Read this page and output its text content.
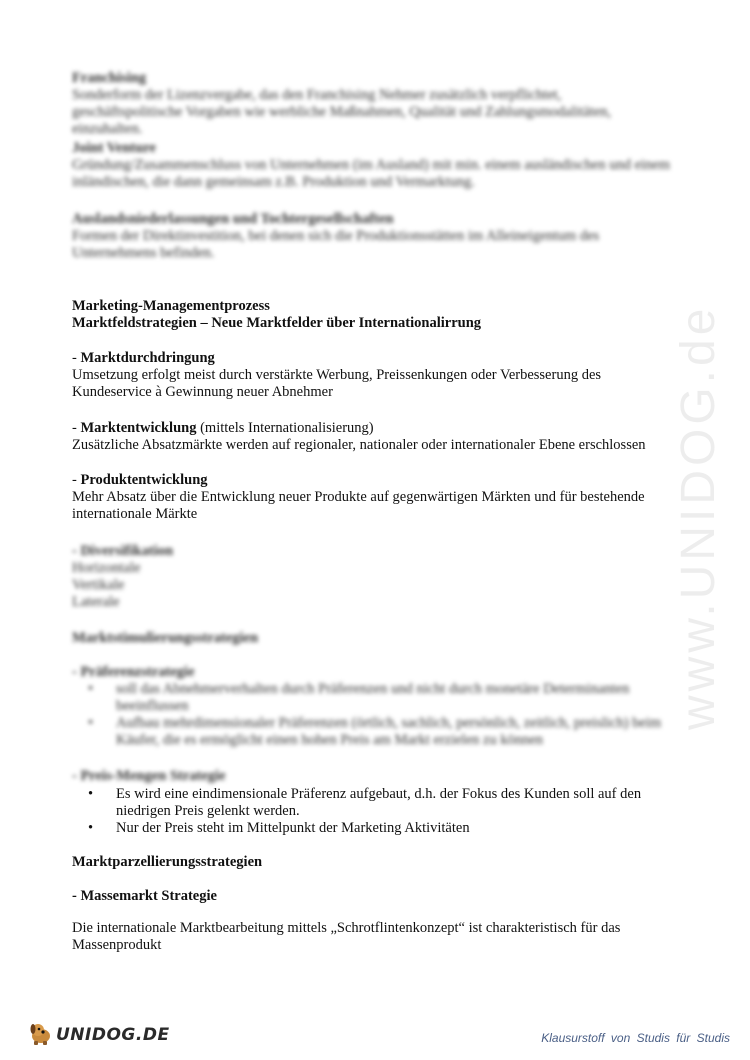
Franchising

Sonderform der Lizenzvergabe, das den Franchising Nehmer zusätzlich verpflichtet, geschäftspolitische Vorgaben wie werbliche Maßnahmen, Qualität und Zahlungsmodalitäten, einzuhalten.

Joint Venture

Gründung/Zusammenschluss von Unternehmen (im Ausland) mit min. einem ausländischen und einem inländischen, die dann gemeinsam z.B. Produktion und Vermarktung.

Auslandsniederlassungen und Tochtergesellschaften

Formen der Direktinvestition, bei denen sich die Produktionsstätten im Alleineigentum des Unternehmens befinden.

Marketing-Managementprozess

Marktfeldstrategien – Neue Marktfelder über Internationalirrung

- Marktdurchdringung

Umsetzung erfolgt meist durch verstärkte Werbung, Preissenkungen oder Verbesserung des Kundeservice à Gewinnung neuer Abnehmer

- Marktentwicklung (mittels Internationalisierung)

Zusätzliche Absatzmärkte werden auf regionaler, nationaler oder internationaler Ebene erschlossen

- Produktentwicklung

Mehr Absatz über die Entwicklung neuer Produkte auf gegenwärtigen Märkten und für bestehende internationale Märkte

- Diversifikation

Horizontale

Vertikale

Laterale

Marktstimulierungsstrategien

- Präferenzstrategie

• soll das Abnehmerverhalten durch Präferenzen und nicht durch monetäre Determinanten beeinflussen
• Aufbau mehrdimensionaler Präferenzen (örtlich, sachlich, persönlich, zeitlich, preislich) beim Käufer, die es ermöglicht einen hohen Preis am Markt erzielen zu können

- Preis-Mengen Strategie

• Es wird eine eindimensionale Präferenz aufgebaut, d.h. der Fokus des Kunden soll auf den niedrigen Preis gelenkt werden.
• Nur der Preis steht im Mittelpunkt der Marketing Aktivitäten

Marktparzellierungsstrategien

- Massemarkt Strategie

Die internationale Marktbearbeitung mittels „Schrotflintenkonzept“ ist charakteristisch für das Massenprodukt

www.UNIDOG.de
UNIDOG.DE	Klausurstoff von Studis für Studis
